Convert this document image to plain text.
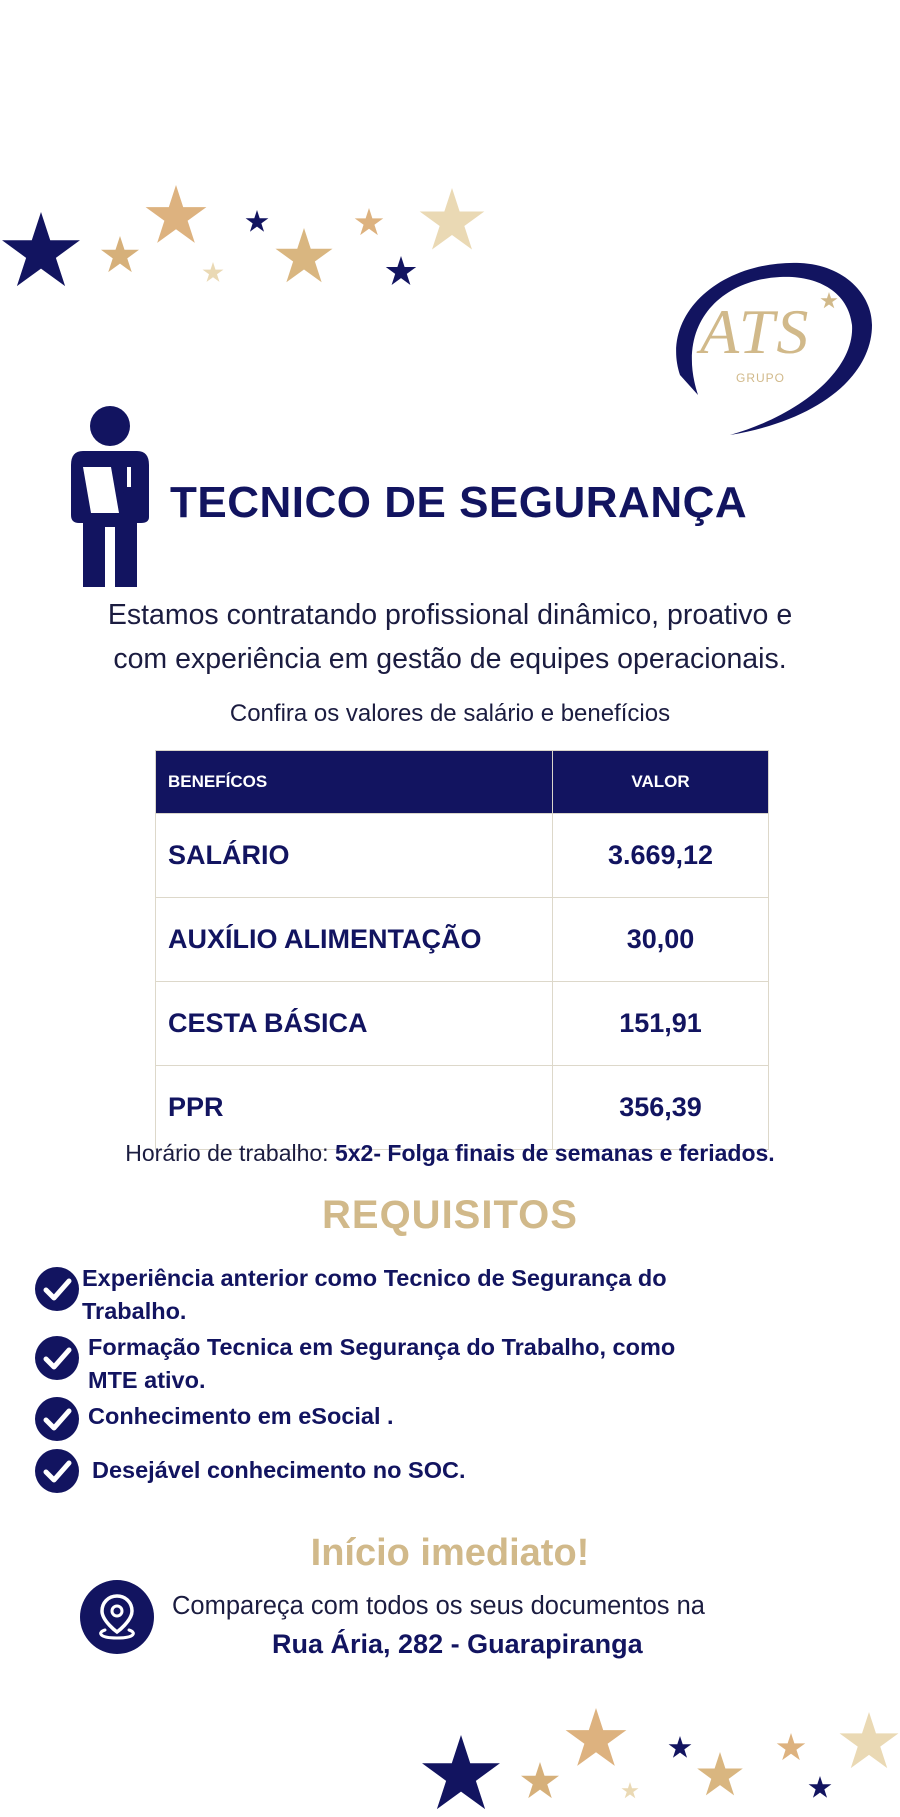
ATS
GRUPO
TECNICO DE SEGURANÇA
Estamos contratando profissional dinâmico, proativo e
com experiência em gestão de equipes operacionais.
Confira os valores de salário e benefícios
BENEFÍCOS	VALOR
SALÁRIO	3.669,12
AUXÍLIO ALIMENTAÇÃO	30,00
CESTA BÁSICA	151,91
PPR	356,39
Horário de trabalho: 5x2- Folga finais de semanas e feriados.
REQUISITOS
Experiência anterior como Tecnico de Segurança do
Trabalho.
Formação Tecnica em Segurança do Trabalho, como
MTE ativo.
Conhecimento em eSocial .
Desejável conhecimento no SOC.
Início imediato!
Compareça com todos os seus documentos na
Rua Ária, 282 - Guarapiranga
